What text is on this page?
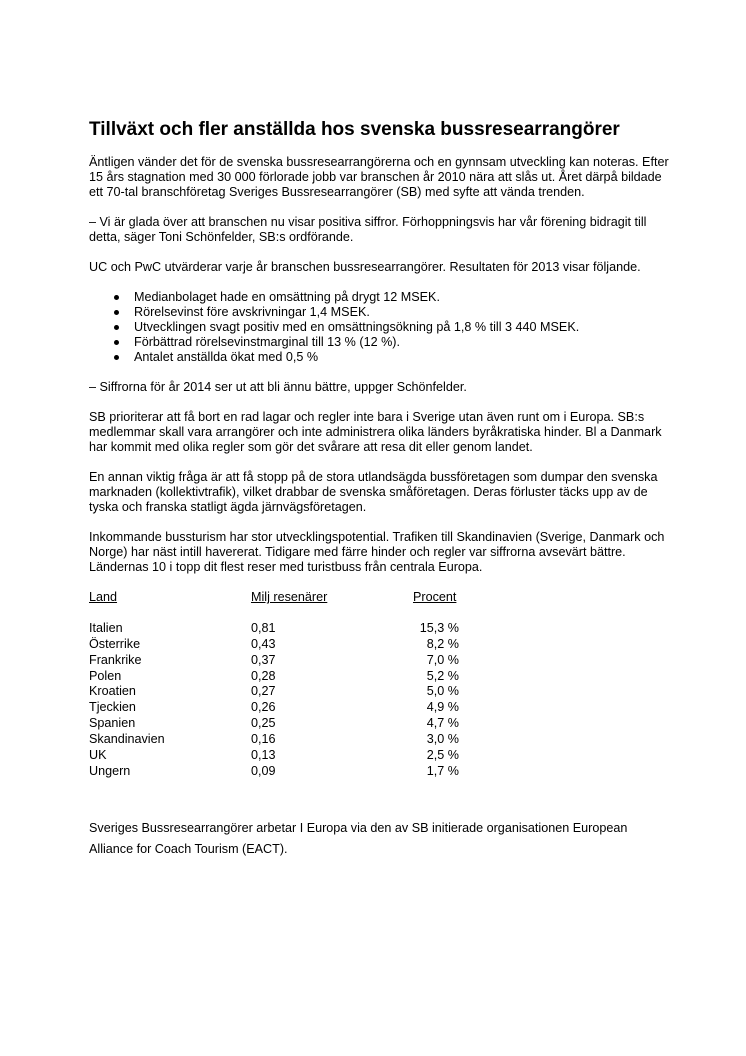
Tillväxt och fler anställda hos svenska bussresearrangörer

Äntligen vänder det för de svenska bussresearrangörerna och en gynnsam utveckling kan noteras. Efter 15 års stagnation med 30 000 förlorade jobb var branschen år 2010 nära att slås ut. Året därpå bildade ett 70-tal branschföretag Sveriges Bussresearrangörer (SB) med syfte att vända trenden.

– Vi är glada över att branschen nu visar positiva siffror. Förhoppningsvis har vår förening bidragit till detta, säger Toni Schönfelder, SB:s ordförande.

UC och PwC utvärderar varje år branschen bussresearrangörer. Resultaten för 2013 visar följande.

Medianbolaget hade en omsättning på drygt 12 MSEK.
Rörelsevinst före avskrivningar 1,4 MSEK.
Utvecklingen svagt positiv med en omsättningsökning på 1,8 % till 3 440 MSEK.
Förbättrad rörelsevinstmarginal till 13 % (12 %).
Antalet anställda ökat med 0,5 %

– Siffrorna för år 2014 ser ut att bli ännu bättre, uppger Schönfelder.

SB prioriterar att få bort en rad lagar och regler inte bara i Sverige utan även runt om i Europa. SB:s medlemmar skall vara arrangörer och inte administrera olika länders byråkratiska hinder. Bl a Danmark har kommit med olika regler som gör det svårare att resa dit eller genom landet.

En annan viktig fråga är att få stopp på de stora utlandsägda bussföretagen som dumpar den svenska marknaden (kollektivtrafik), vilket drabbar de svenska småföretagen. Deras förluster täcks upp av de tyska och franska statligt ägda järnvägsföretagen.

Inkommande bussturism har stor utvecklingspotential. Trafiken till Skandinavien (Sverige, Danmark och Norge) har näst intill havererat. Tidigare med färre hinder och regler var siffrorna avsevärt bättre. Ländernas 10 i topp dit flest reser med turistbuss från centrala Europa.

Land	Milj resenärer	Procent
Italien	0,81	15,3 %
Österrike	0,43	8,2 %
Frankrike	0,37	7,0 %
Polen	0,28	5,2 %
Kroatien	0,27	5,0 %
Tjeckien	0,26	4,9 %
Spanien	0,25	4,7 %
Skandinavien	0,16	3,0 %
UK	0,13	2,5 %
Ungern	0,09	1,7 %

Sveriges Bussresearrangörer arbetar I Europa via den av SB initierade organisationen European Alliance for Coach Tourism (EACT).
